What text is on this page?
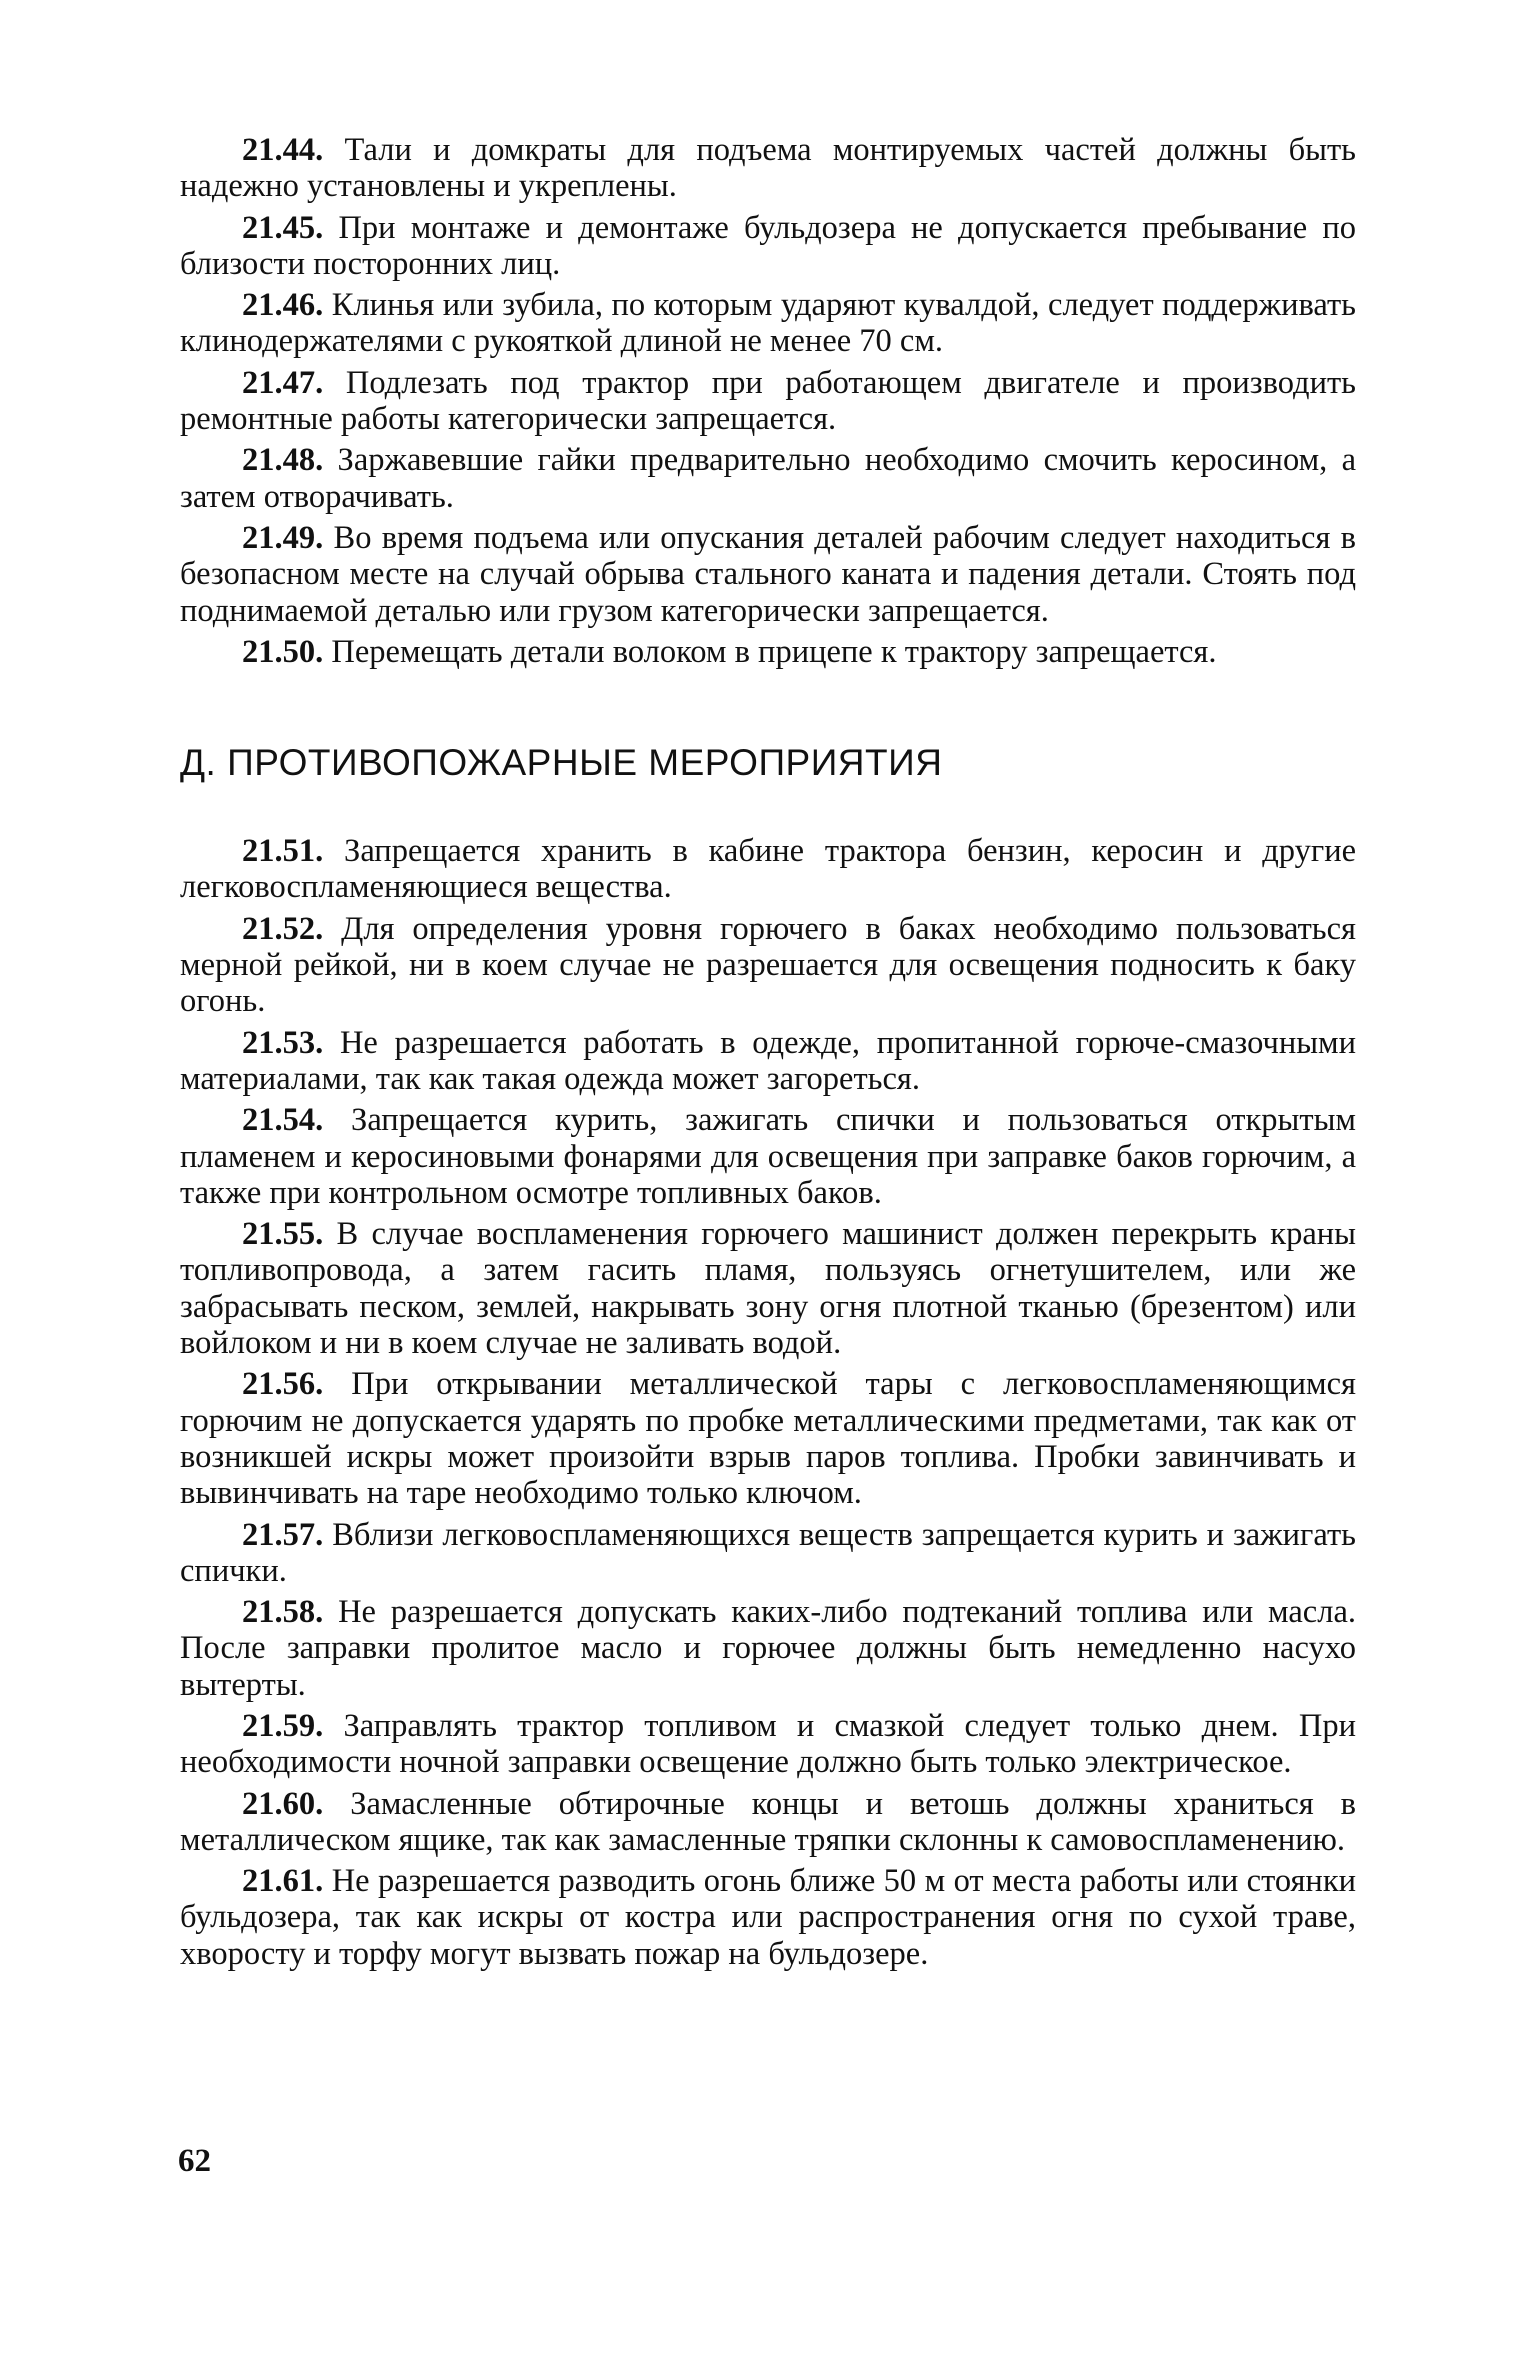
21.44. Тали и домкраты для подъема монтируемых частей должны быть надежно установлены и укреплены.

21.45. При монтаже и демонтаже бульдозера не допускается пребывание по близости посторонних лиц.

21.46. Клинья или зубила, по которым ударяют кувалдой, следует поддерживать клинодержателями с рукояткой длиной не менее 70 см.

21.47. Подлезать под трактор при работающем двигателе и производить ремонтные работы категорически запрещается.

21.48. Заржавевшие гайки предварительно необходимо смочить керосином, а затем отворачивать.

21.49. Во время подъема или опускания деталей рабочим следует находиться в безопасном месте на случай обрыва стального каната и падения детали. Стоять под поднимаемой деталью или грузом категорически запрещается.

21.50. Перемещать детали волоком в прицепе к трактору запрещается.

Д. ПРОТИВОПОЖАРНЫЕ МЕРОПРИЯТИЯ

21.51. Запрещается хранить в кабине трактора бензин, керосин и другие легковоспламеняющиеся вещества.

21.52. Для определения уровня горючего в баках необходимо пользоваться мерной рейкой, ни в коем случае не разрешается для освещения подносить к баку огонь.

21.53. Не разрешается работать в одежде, пропитанной горюче-смазочными материалами, так как такая одежда может загореться.

21.54. Запрещается курить, зажигать спички и пользоваться открытым пламенем и керосиновыми фонарями для освещения при заправке баков горючим, а также при контрольном осмотре топливных баков.

21.55. В случае воспламенения горючего машинист должен перекрыть краны топливопровода, а затем гасить пламя, пользуясь огнетушителем, или же забрасывать песком, землей, накрывать зону огня плотной тканью (брезентом) или войлоком и ни в коем случае не заливать водой.

21.56. При открывании металлической тары с легковоспламеняющимся горючим не допускается ударять по пробке металлическими предметами, так как от возникшей искры может произойти взрыв паров топлива. Пробки завинчивать и вывинчивать на таре необходимо только ключом.

21.57. Вблизи легковоспламеняющихся веществ запрещается курить и зажигать спички.

21.58. Не разрешается допускать каких-либо подтеканий топлива или масла. После заправки пролитое масло и горючее должны быть немедленно насухо вытерты.

21.59. Заправлять трактор топливом и смазкой следует только днем. При необходимости ночной заправки освещение должно быть только электрическое.

21.60. Замасленные обтирочные концы и ветошь должны храниться в металлическом ящике, так как замасленные тряпки склонны к самовоспламенению.

21.61. Не разрешается разводить огонь ближе 50 м от места работы или стоянки бульдозера, так как искры от костра или распространения огня по сухой траве, хворосту и торфу могут вызвать пожар на бульдозере.

62
